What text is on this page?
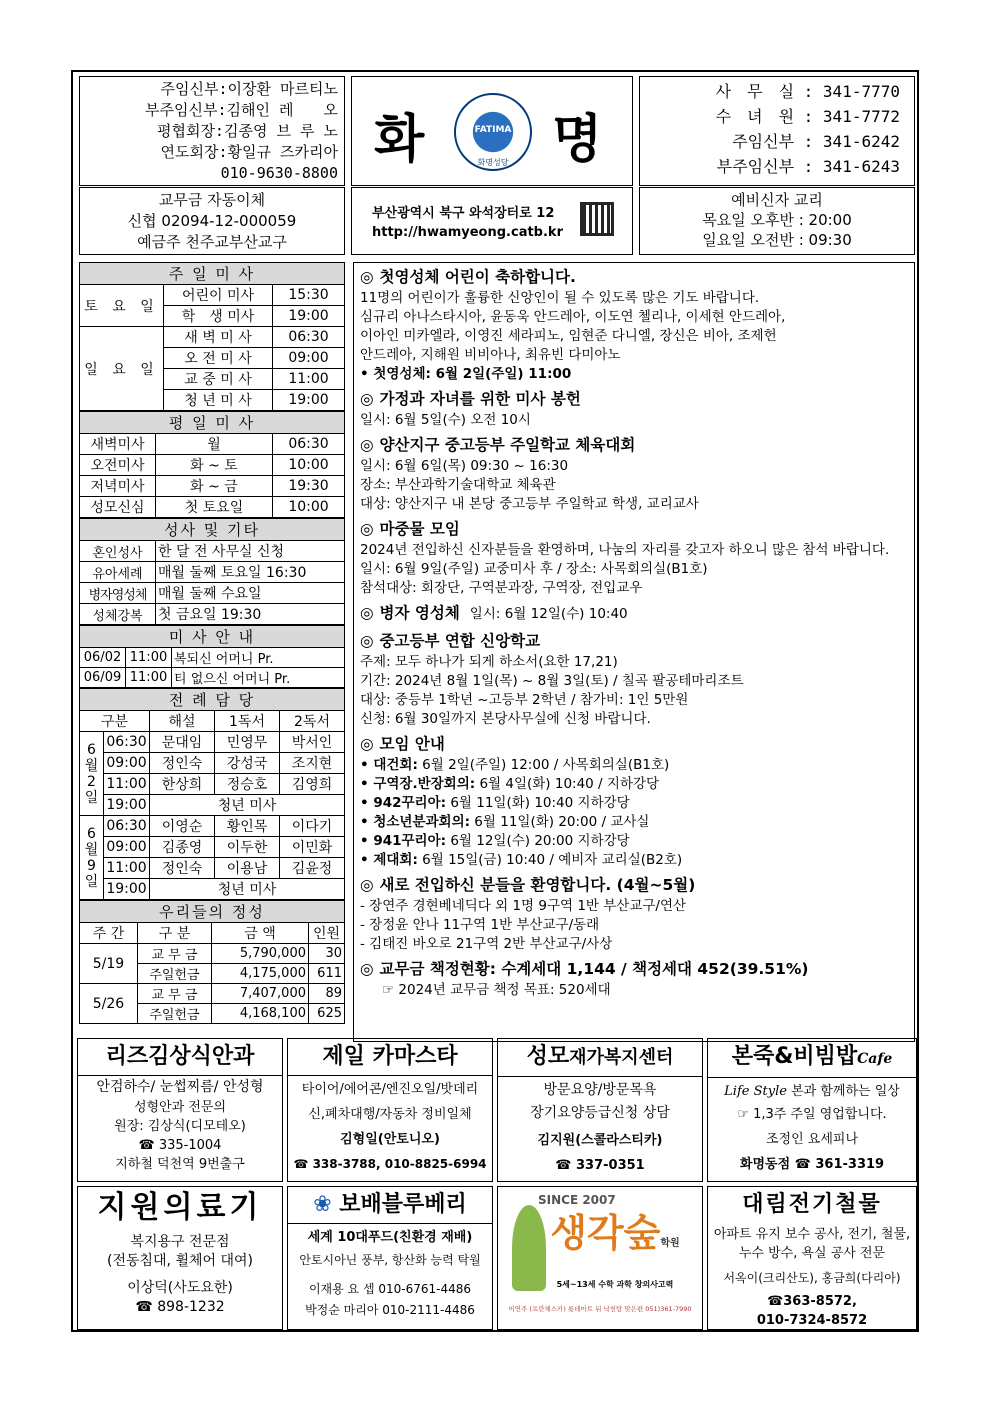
주임신부:이장환 마르티노
부주임신부:김해인 레　　오
평협회장:김종영 브 루 노
연도회장:황일규 즈카리아
010-9630-8800
화	FATIMA
화명성당 명
사　무　실 : 341-7770
수　녀　원 : 341-7772
주임신부 : 341-6242
부주임신부 : 341-6243
교무금 자동이체
신협 02094-12-000059
예금주 천주교부산교구
부산광역시 북구 와석장터로 12
http://hwamyeong.catb.kr
예비신자 교리
목요일 오후반 : 20:00
일요일 오전반 : 09:30
주 일 미 사		
토 요 일	어린이 미사	15:30
	학　생 미사	19:00
일 요 일	새 벽 미 사	06:30
	오 전 미 사	09:00
	교 중 미 사	11:00
	청 년 미 사	19:00
평 일 미 사		
새벽미사	월	06:30
오전미사	화 ~ 토	10:00
저녁미사	화 ~ 금	19:30
성모신심	첫 토요일	10:00
성사 및 기타	
혼인성사	한 달 전 사무실 신청
유아세례	매월 둘째 토요일 16:30
병자영성체	매월 둘째 수요일
성체강복	첫 금요일 19:30
미 사 안 내		
06/02	11:00	복되신 어머니 Pr.
06/09	11:00	티 없으신 어머니 Pr.
전 례 담 당				
구분		해설	1독서	2독서
6월2일	06:30	문대임	민영무	박서인
	09:00	정인숙	강성국	조지현
	11:00	한상희	정승호	김영희
	19:00	청년 미사		
6월9일	06:30	이영순	황인목	이다기
	09:00	김종영	이두한	이민화
	11:00	정인숙	이용남	김윤정
	19:00	청년 미사		
우리들의 정성			
주 간	구 분	금 액	인원
5/19	교 무 금	5,790,000	30
	주일헌금	4,175,000	611
5/26	교 무 금	7,407,000	89
	주일헌금	4,168,100	625
◎ 첫영성체 어린이 축하합니다.
11명의 어린이가 훌륭한 신앙인이 될 수 있도록 많은 기도 바랍니다.
심규리 아나스타시아, 윤동욱 안드레아, 이도연 첼리나, 이세현 안드레아,
이아인 미카엘라, 이영진 세라피노, 임현준 다니엘, 장신은 비아, 조제헌
안드레아, 지해원 비비아나, 최유빈 다미아노
• 첫영성체: 6월 2일(주일) 11:00
◎ 가정과 자녀를 위한 미사 봉헌
일시: 6월 5일(수) 오전 10시
◎ 양산지구 중고등부 주일학교 체육대회
일시: 6월 6일(목) 09:30 ~ 16:30
장소: 부산과학기술대학교 체육관
대상: 양산지구 내 본당 중고등부 주일학교 학생, 교리교사
◎ 마중물 모임
2024년 전입하신 신자분들을 환영하며, 나눔의 자리를 갖고자 하오니 많은 참석 바랍니다.
일시: 6월 9일(주일) 교중미사 후 / 장소: 사목회의실(B1호)
참석대상: 회장단, 구역분과장, 구역장, 전입교우
◎ 병자 영성체 일시: 6월 12일(수) 10:40
◎ 중고등부 연합 신앙학교
주제: 모두 하나가 되게 하소서(요한 17,21)
기간: 2024년 8월 1일(목) ~ 8월 3일(토) / 칠곡 팔공테마리조트
대상: 중등부 1학년 ~고등부 2학년 / 참가비: 1인 5만원
신청: 6월 30일까지 본당사무실에 신청 바랍니다.
◎ 모임 안내
• 대건회: 6월 2일(주일) 12:00 / 사목회의실(B1호)
• 구역장.반장회의: 6월 4일(화) 10:40 / 지하강당
• 942꾸리아: 6월 11일(화) 10:40 지하강당
• 청소년분과회의: 6월 11일(화) 20:00 / 교사실
• 941꾸리아: 6월 12일(수) 20:00 지하강당
• 제대회: 6월 15일(금) 10:40 / 예비자 교리실(B2호)
◎ 새로 전입하신 분들을 환영합니다. (4월~5월)
- 장연주 경현베네딕다 외 1명 9구역 1반 부산교구/연산
- 장정윤 안나 11구역 1반 부산교구/동래
- 김태진 바오로 21구역 2반 부산교구/사상
◎ 교무금 책정현황: 수계세대 1,144 / 책정세대 452(39.51%)
☞ 2024년 교무금 책정 목표: 520세대
리즈김상식안과
안검하수/ 눈썹찌름/ 안성형
성형안과 전문의
원장: 김상식(디모테오)
☎ 335-1004
지하철 덕천역 9번출구
제일 카마스타
타이어/에어콘/엔진오일/밧데리
신,폐차대행/자동차 정비일체
김형일(안토니오)
☎ 338-3788, 010-8825-6994
성모재가복지센터
방문요양/방문목욕
장기요양등급신청 상담
김지원(스콜라스티카)
☎ 337-0351
본죽&비빔밥Cafe
Life Style 본과 함께하는 일상
☞ 1,3주 주일 영업합니다.
조정인 요세피나
화명동점 ☎ 361-3319
지원의료기
복지용구 전문점
(전동침대, 휠체어 대여)
이상덕(사도요한)
☎ 898-1232
❀ 보배블루베리
세계 10대푸드(친환경 재배)
안토시아닌 풍부, 항산화 능력 탁월
이재용 요 셉 010-6761-4486
박정순 마리아 010-2111-4486
SINCE 2007
생각숲학원
5세~13세 수학 과학 창의사고력
이연주 (프란체스카) 롯데마트 뒤 낙천탕 맞은편 051)361-7990
대림전기철물
아파트 유지 보수 공사, 전기, 철물,
누수 방수, 욕실 공사 전문
서옥이(크리산도), 홍금희(다리아)
☎363-8572,
010-7324-8572
